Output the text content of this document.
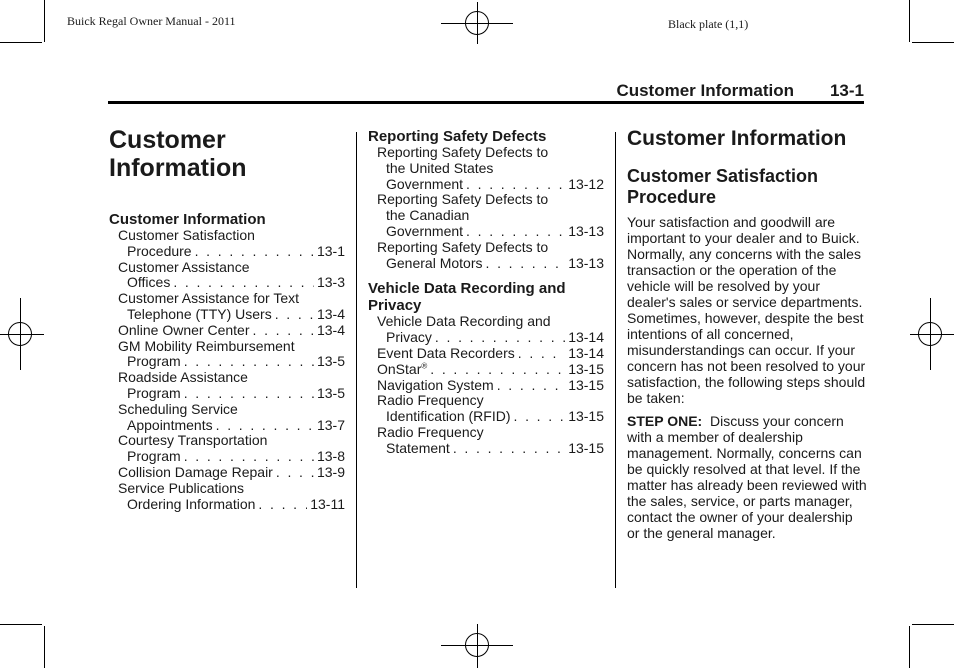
Buick Regal Owner Manual - 2011	Black plate (1,1)
Customer Information 13-1
Customer
Information
Customer Information
Customer Satisfaction
Procedure . . .	13-1
Customer Assistance
Offices . . .	13-3
Customer Assistance for Text
Telephone (TTY) Users . . .	13-4
Online Owner Center . . .	13-4
GM Mobility Reimbursement
Program . . .	13-5
Roadside Assistance
Program . . .	13-5
Scheduling Service
Appointments . . .	13-7
Courtesy Transportation
Program . . .	13-8
Collision Damage Repair . . .	13-9
Service Publications
Ordering Information . . .	13-11
Reporting Safety Defects
Reporting Safety Defects to
the United States
Government . . .	13-12
Reporting Safety Defects to
the Canadian
Government . . .	13-13
Reporting Safety Defects to
General Motors . . .	13-13
Vehicle Data Recording and
Privacy
Vehicle Data Recording and
Privacy . . .	13-14
Event Data Recorders . . .	13-14
OnStar® . . .	13-15
Navigation System . . .	13-15
Radio Frequency
Identification (RFID) . . .	13-15
Radio Frequency
Statement . . .	13-15
Customer Information
Customer Satisfaction Procedure

Your satisfaction and goodwill are important to your dealer and to Buick. Normally, any concerns with the sales transaction or the operation of the vehicle will be resolved by your dealer's sales or service departments. Sometimes, however, despite the best intentions of all concerned, misunderstandings can occur. If your concern has not been resolved to your satisfaction, the following steps should be taken:

STEP ONE: Discuss your concern with a member of dealership management. Normally, concerns can be quickly resolved at that level. If the matter has already been reviewed with the sales, service, or parts manager, contact the owner of your dealership or the general manager.
